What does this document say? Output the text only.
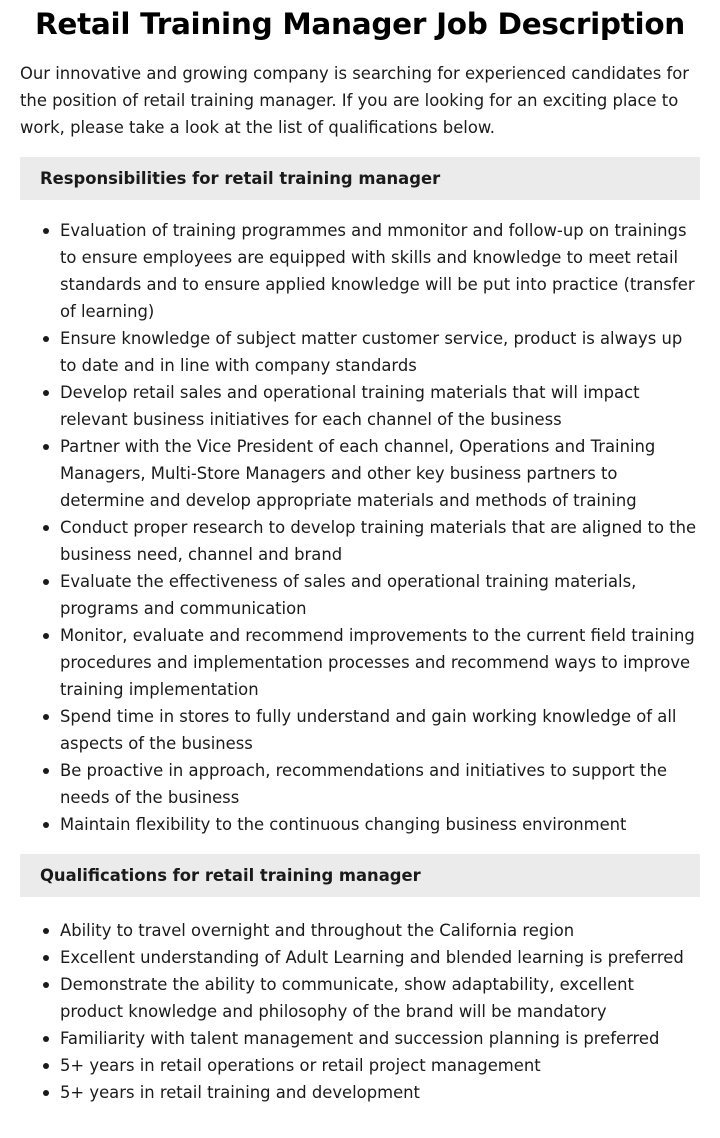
Retail Training Manager Job Description

Our innovative and growing company is searching for experienced candidates for the position of retail training manager. If you are looking for an exciting place to work, please take a look at the list of qualifications below.

Responsibilities for retail training manager
Evaluation of training programmes and mmonitor and follow-up on trainings to ensure employees are equipped with skills and knowledge to meet retail standards and to ensure applied knowledge will be put into practice (transfer of learning)
Ensure knowledge of subject matter customer service, product is always up to date and in line with company standards
Develop retail sales and operational training materials that will impact relevant business initiatives for each channel of the business
Partner with the Vice President of each channel, Operations and Training Managers, Multi-Store Managers and other key business partners to determine and develop appropriate materials and methods of training
Conduct proper research to develop training materials that are aligned to the business need, channel and brand
Evaluate the effectiveness of sales and operational training materials, programs and communication
Monitor, evaluate and recommend improvements to the current field training procedures and implementation processes and recommend ways to improve training implementation
Spend time in stores to fully understand and gain working knowledge of all aspects of the business
Be proactive in approach, recommendations and initiatives to support the needs of the business
Maintain flexibility to the continuous changing business environment
Qualifications for retail training manager
Ability to travel overnight and throughout the California region
Excellent understanding of Adult Learning and blended learning is preferred
Demonstrate the ability to communicate, show adaptability, excellent product knowledge and philosophy of the brand will be mandatory
Familiarity with talent management and succession planning is preferred
5+ years in retail operations or retail project management
5+ years in retail training and development
